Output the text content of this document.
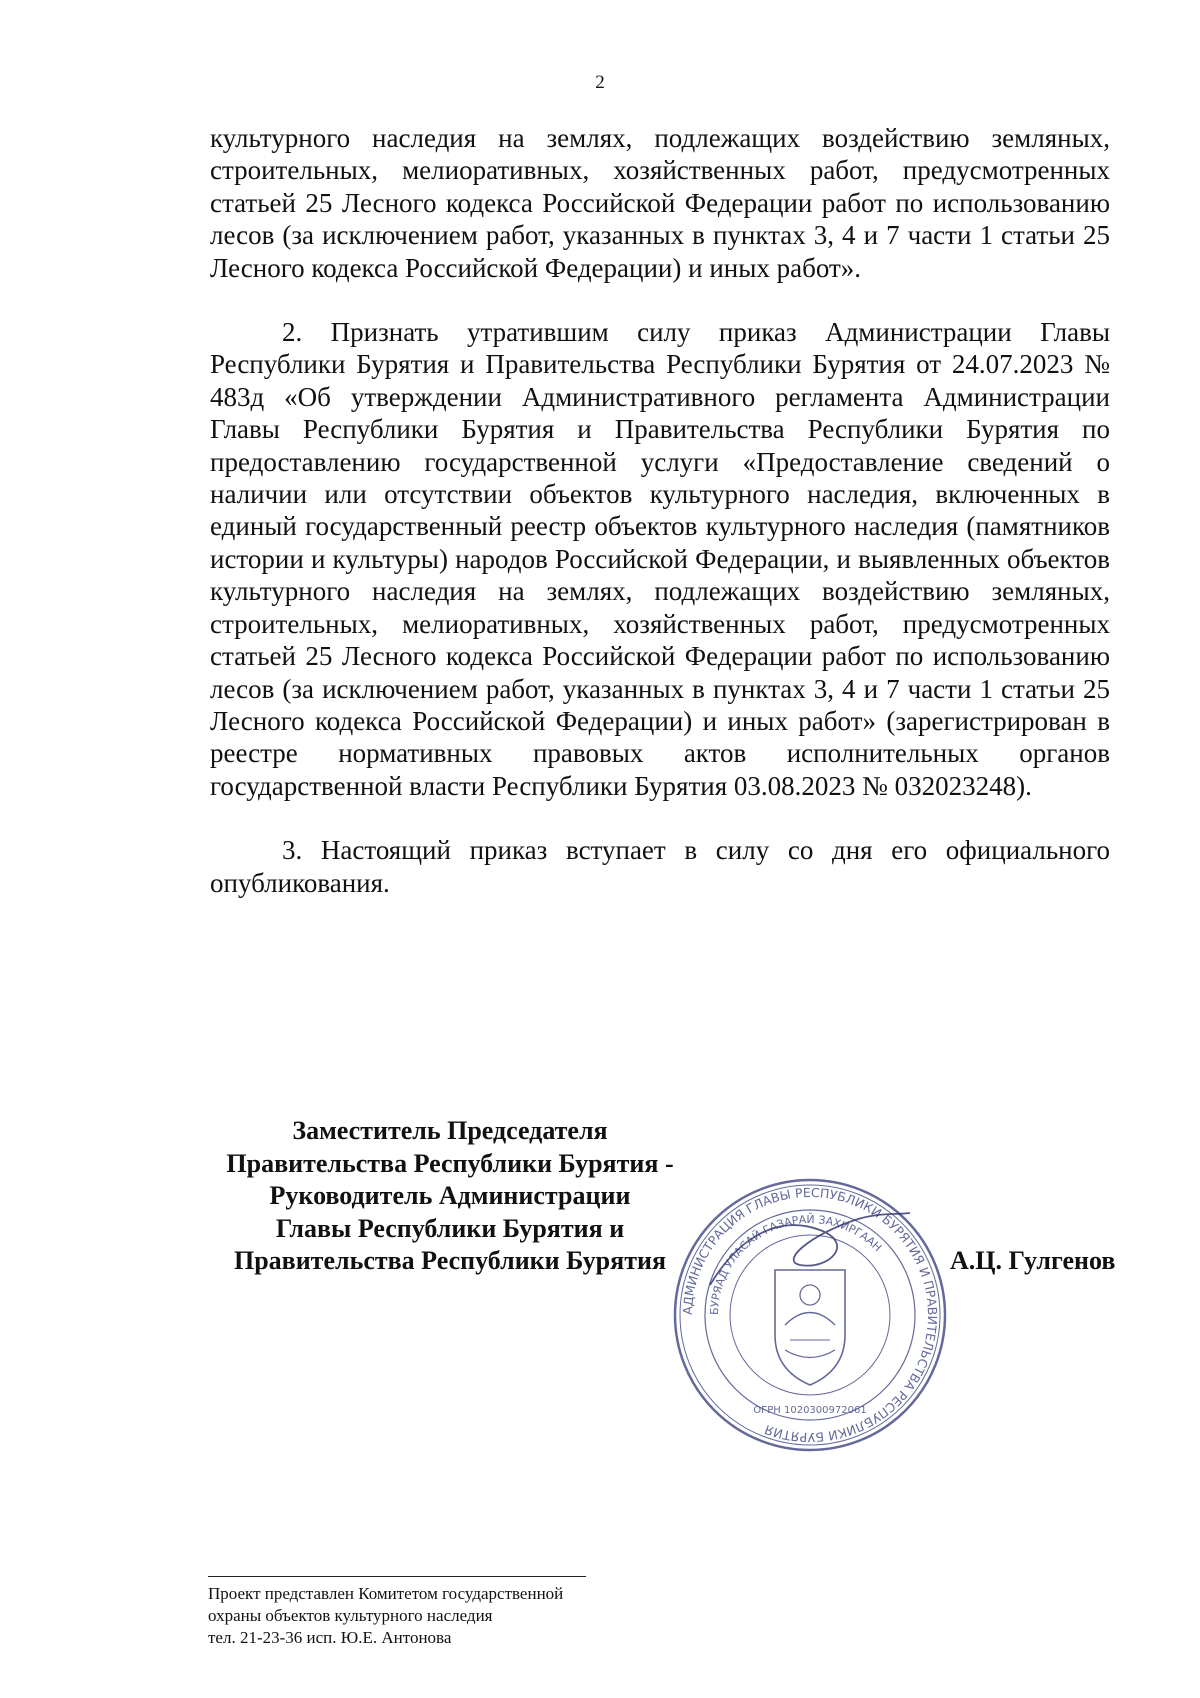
2

культурного наследия на землях, подлежащих воздействию земляных, строительных, мелиоративных, хозяйственных работ, предусмотренных статьей 25 Лесного кодекса Российской Федерации работ по использованию лесов (за исключением работ, указанных в пунктах 3, 4 и 7 части 1 статьи 25 Лесного кодекса Российской Федерации) и иных работ».

2. Признать утратившим силу приказ Администрации Главы Республики Бурятия и Правительства Республики Бурятия от 24.07.2023 № 483д «Об утверждении Административного регламента Администрации Главы Республики Бурятия и Правительства Республики Бурятия по предоставлению государственной услуги «Предоставление сведений о наличии или отсутствии объектов культурного наследия, включенных в единый государственный реестр объектов культурного наследия (памятников истории и культуры) народов Российской Федерации, и выявленных объектов культурного наследия на землях, подлежащих воздействию земляных, строительных, мелиоративных, хозяйственных работ, предусмотренных статьей 25 Лесного кодекса Российской Федерации работ по использованию лесов (за исключением работ, указанных в пунктах 3, 4 и 7 части 1 статьи 25 Лесного кодекса Российской Федерации) и иных работ» (зарегистрирован в реестре нормативных правовых актов исполнительных органов государственной власти Республики Бурятия 03.08.2023 № 032023248).

3. Настоящий приказ вступает в силу со дня его официального опубликования.

Заместитель Председателя
Правительства Республики Бурятия -
Руководитель Администрации
Главы Республики Бурятия и
Правительства Республики Бурятия
АДМИНИСТРАЦИЯ ГЛАВЫ РЕСПУБЛИКИ БУРЯТИЯ И ПРАВИТЕЛЬСТВА РЕСПУБЛИКИ БУРЯТИЯ
БУРЯАД УЛАСАЙ ГАЗАРАЙ ЗАХИРГААН
ОГРН 1020300972061
А.Ц. Гулгенов
Проект представлен Комитетом государственной
охраны объектов культурного наследия
тел. 21-23-36 исп. Ю.Е. Антонова
